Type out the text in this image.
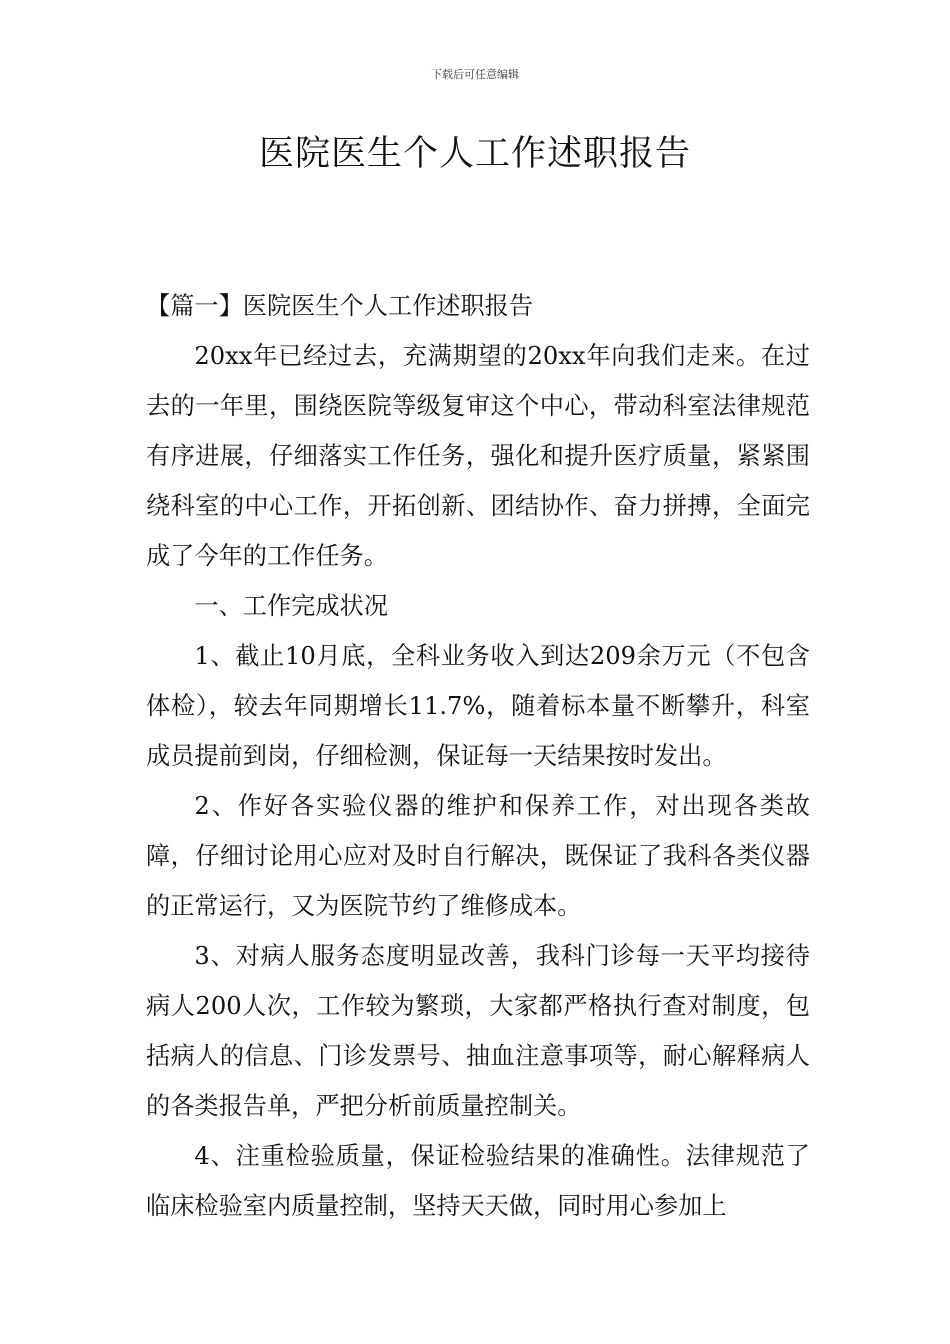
下载后可任意编辑
医院医生个人工作述职报告

【篇一】医院医生个人工作述职报告

20xx年已经过去，充满期望的20xx年向我们走来。在过去的一年里，围绕医院等级复审这个中心，带动科室法律规范有序进展，仔细落实工作任务，强化和提升医疗质量，紧紧围绕科室的中心工作，开拓创新、团结协作、奋力拼搏，全面完成了今年的工作任务。

一、工作完成状况

1、截止10月底，全科业务收入到达209余万元（不包含体检），较去年同期增长11.7%，随着标本量不断攀升，科室成员提前到岗，仔细检测，保证每一天结果按时发出。

2、作好各实验仪器的维护和保养工作，对出现各类故障，仔细讨论用心应对及时自行解决，既保证了我科各类仪器的正常运行，又为医院节约了维修成本。

3、对病人服务态度明显改善，我科门诊每一天平均接待病人200人次，工作较为繁琐，大家都严格执行查对制度，包括病人的信息、门诊发票号、抽血注意事项等，耐心解释病人的各类报告单，严把分析前质量控制关。

4、注重检验质量，保证检验结果的准确性。法律规范了临床检验室内质量控制，坚持天天做，同时用心参加上
